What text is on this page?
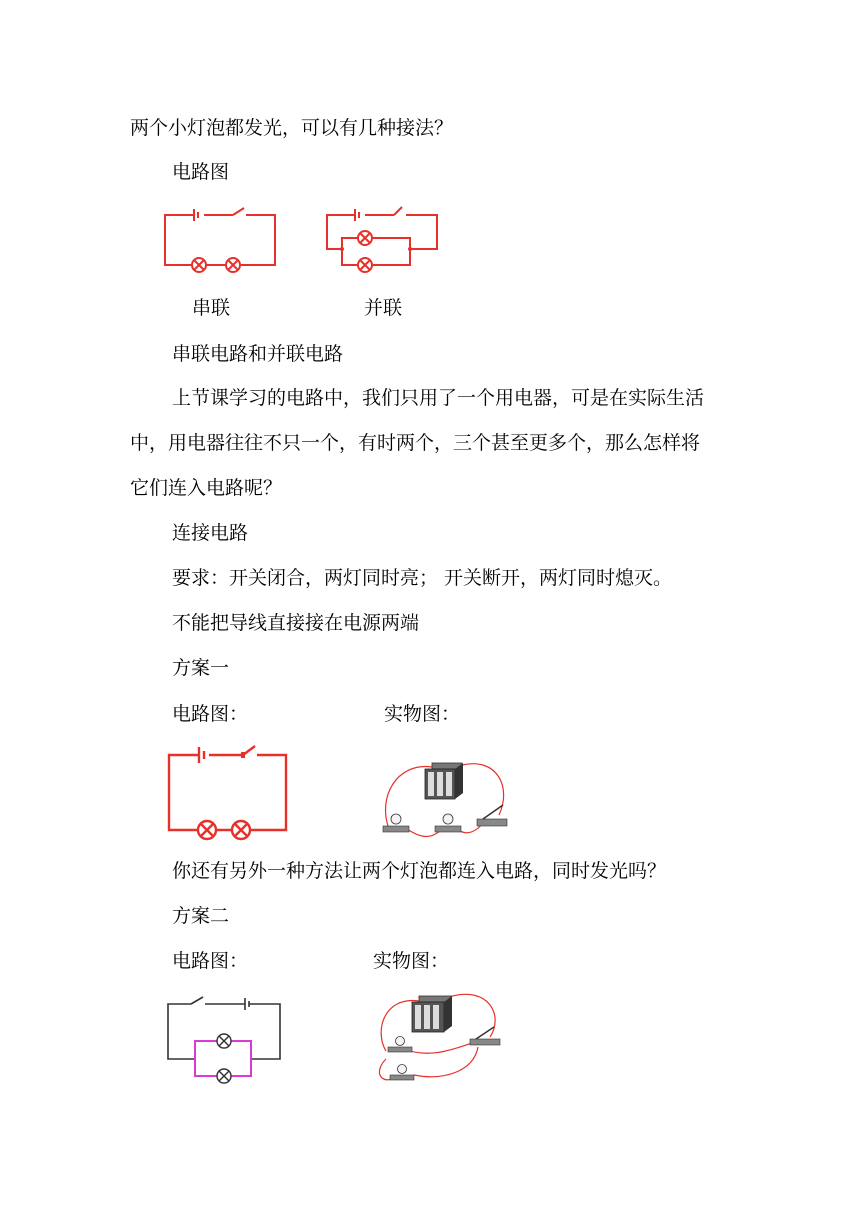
两个小灯泡都发光，可以有几种接法？
电路图
串联	并联
串联电路和并联电路
上节课学习的电路中，我们只用了一个用电器，可是在实际生活
中，用电器往往不只一个，有时两个，三个甚至更多个，那么怎样将
它们连入电路呢？
连接电路
要求：开关闭合，两灯同时亮； 开关断开，两灯同时熄灭。
不能把导线直接接在电源两端
方案一
电路图：	实物图：
你还有另外一种方法让两个灯泡都连入电路，同时发光吗？
方案二
电路图：	实物图：
